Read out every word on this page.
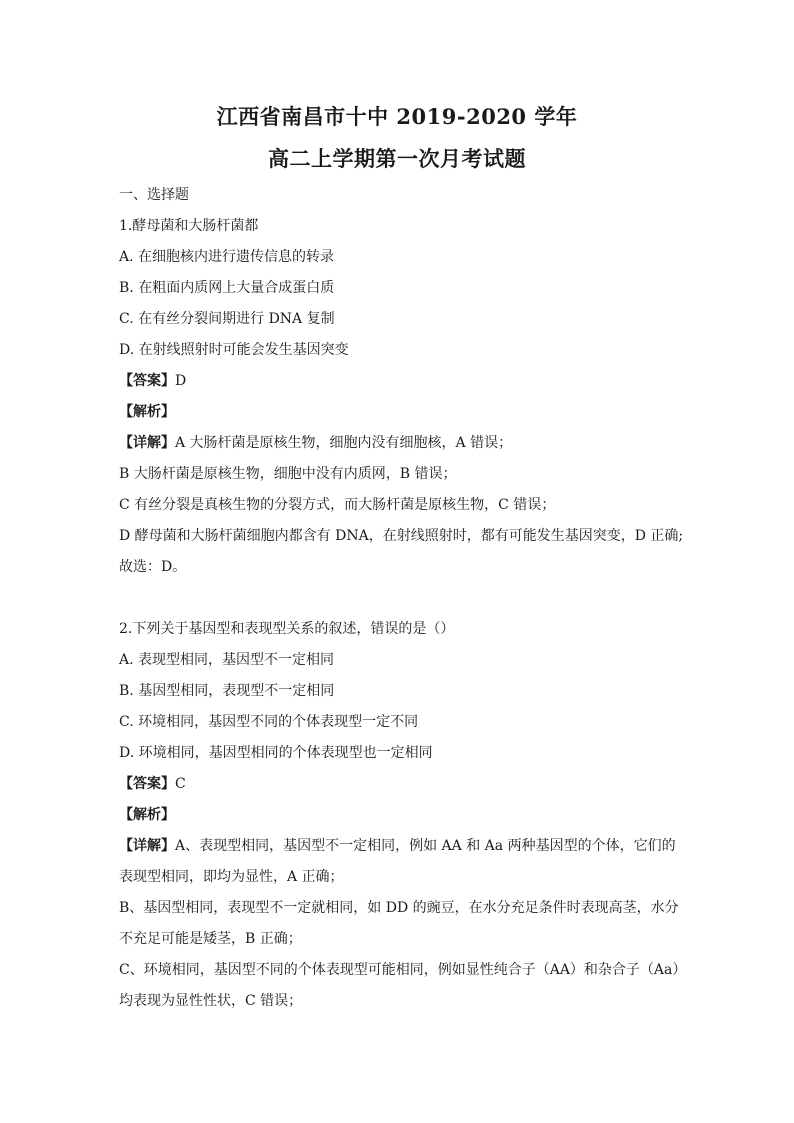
江西省南昌市十中 2019-2020 学年
高二上学期第一次月考试题
一、选择题
1.酵母菌和大肠杆菌都
A. 在细胞核内进行遗传信息的转录
B. 在粗面内质网上大量合成蛋白质
C. 在有丝分裂间期进行 DNA 复制
D. 在射线照射时可能会发生基因突变
【答案】D
【解析】
【详解】A 大肠杆菌是原核生物，细胞内没有细胞核，A 错误；
B 大肠杆菌是原核生物，细胞中没有内质网，B 错误；
C 有丝分裂是真核生物的分裂方式，而大肠杆菌是原核生物，C 错误；
D 酵母菌和大肠杆菌细胞内都含有 DNA，在射线照射时，都有可能发生基因突变，D 正确;
故选：D。
2.下列关于基因型和表现型关系的叙述，错误的是（）
A. 表现型相同，基因型不一定相同
B. 基因型相同，表现型不一定相同
C. 环境相同，基因型不同的个体表现型一定不同
D. 环境相同，基因型相同的个体表现型也一定相同
【答案】C
【解析】
【详解】A、表现型相同，基因型不一定相同，例如 AA 和 Aa 两种基因型的个体，它们的
表现型相同，即均为显性，A 正确；
B、基因型相同，表现型不一定就相同，如 DD 的豌豆，在水分充足条件时表现高茎，水分
不充足可能是矮茎，B 正确；
C、环境相同，基因型不同的个体表现型可能相同，例如显性纯合子（AA）和杂合子（Aa）
均表现为显性性状，C 错误；
